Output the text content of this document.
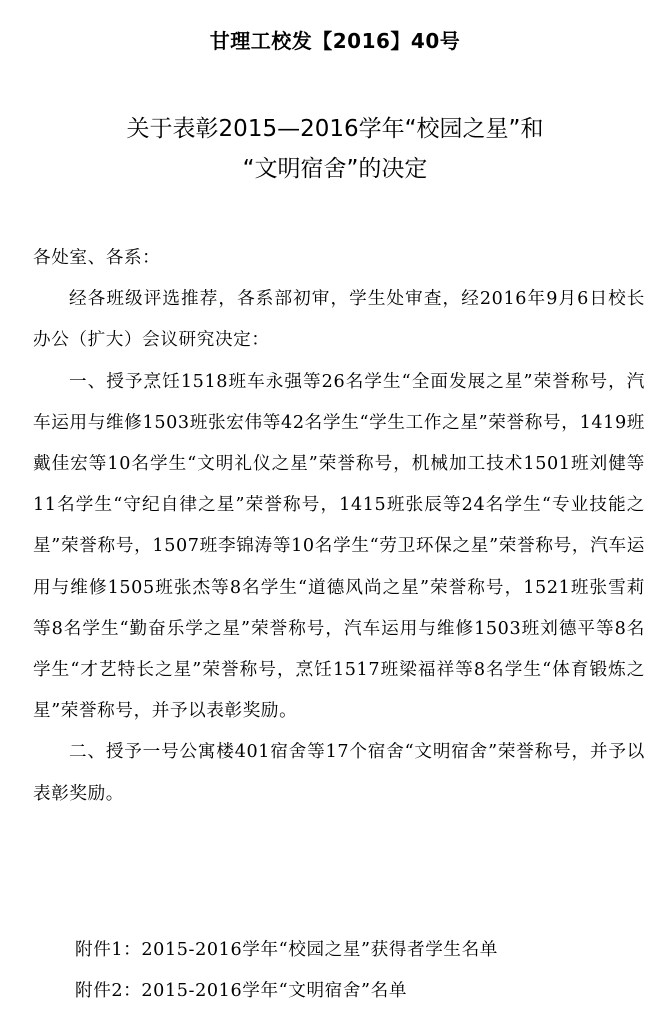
甘理工校发【2016】40号
关于表彰2015—2016学年“校园之星”和
“文明宿舍”的决定

各处室、各系：

经各班级评选推荐，各系部初审，学生处审查，经2016年9月6日校长办公（扩大）会议研究决定：

一、授予烹饪1518班车永强等26名学生“全面发展之星”荣誉称号，汽车运用与维修1503班张宏伟等42名学生“学生工作之星”荣誉称号，1419班戴佳宏等10名学生“文明礼仪之星”荣誉称号，机械加工技术1501班刘健等11名学生“守纪自律之星”荣誉称号，1415班张辰等24名学生“专业技能之星”荣誉称号，1507班李锦涛等10名学生“劳卫环保之星”荣誉称号，汽车运用与维修1505班张杰等8名学生“道德风尚之星”荣誉称号，1521班张雪莉等8名学生“勤奋乐学之星”荣誉称号，汽车运用与维修1503班刘德平等8名学生“才艺特长之星”荣誉称号，烹饪1517班梁福祥等8名学生“体育锻炼之星”荣誉称号，并予以表彰奖励。

二、授予一号公寓楼401宿舍等17个宿舍“文明宿舍”荣誉称号，并予以表彰奖励。

附件1：2015-2016学年“校园之星”获得者学生名单

附件2：2015-2016学年“文明宿舍”名单
